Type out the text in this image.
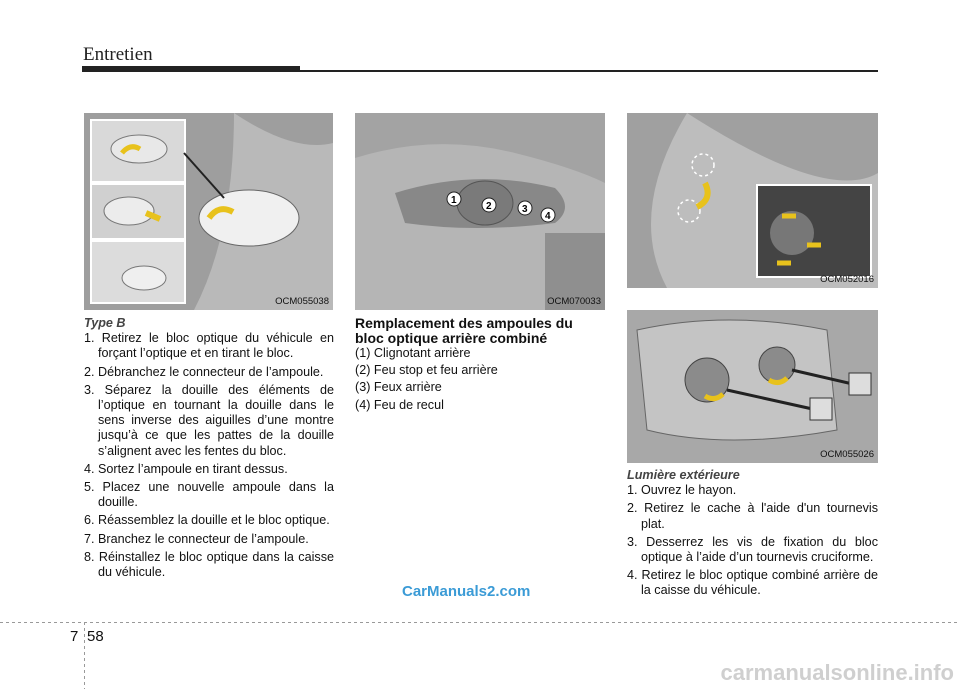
Entretien
OCM055038
1
2	3
4
OCM070033
OCM052016
OCM055026

Type B

1. Retirez le bloc optique du véhicule en forçant l’optique et en tirant le bloc.
2. Débranchez le connecteur de l’ampoule.
3. Séparez la douille des éléments de l’optique en tournant la douille dans le sens inverse des aiguilles d’une montre jusqu’à ce que les pattes de la douille s’alignent avec les fentes du bloc.
4. Sortez l’ampoule en tirant dessus.
5. Placez une nouvelle ampoule dans la douille.
6. Réassemblez la douille et le bloc optique.
7. Branchez le connecteur de l’ampoule.
8. Réinstallez le bloc optique dans la caisse du véhicule.

Remplacement des ampoules du bloc optique arrière combiné

(1) Clignotant arrière
(2) Feu stop et feu arrière
(3) Feux arrière
(4) Feu de recul

Lumière extérieure

1. Ouvrez le hayon.
2. Retirez le cache à l'aide d'un tournevis plat.
3. Desserrez les vis de fixation du bloc optique à l’aide d’un tournevis cruciforme.
4. Retirez le bloc optique combiné arrière de la caisse du véhicule.
CarManuals2.com
7 58
carmanualsonline.info
